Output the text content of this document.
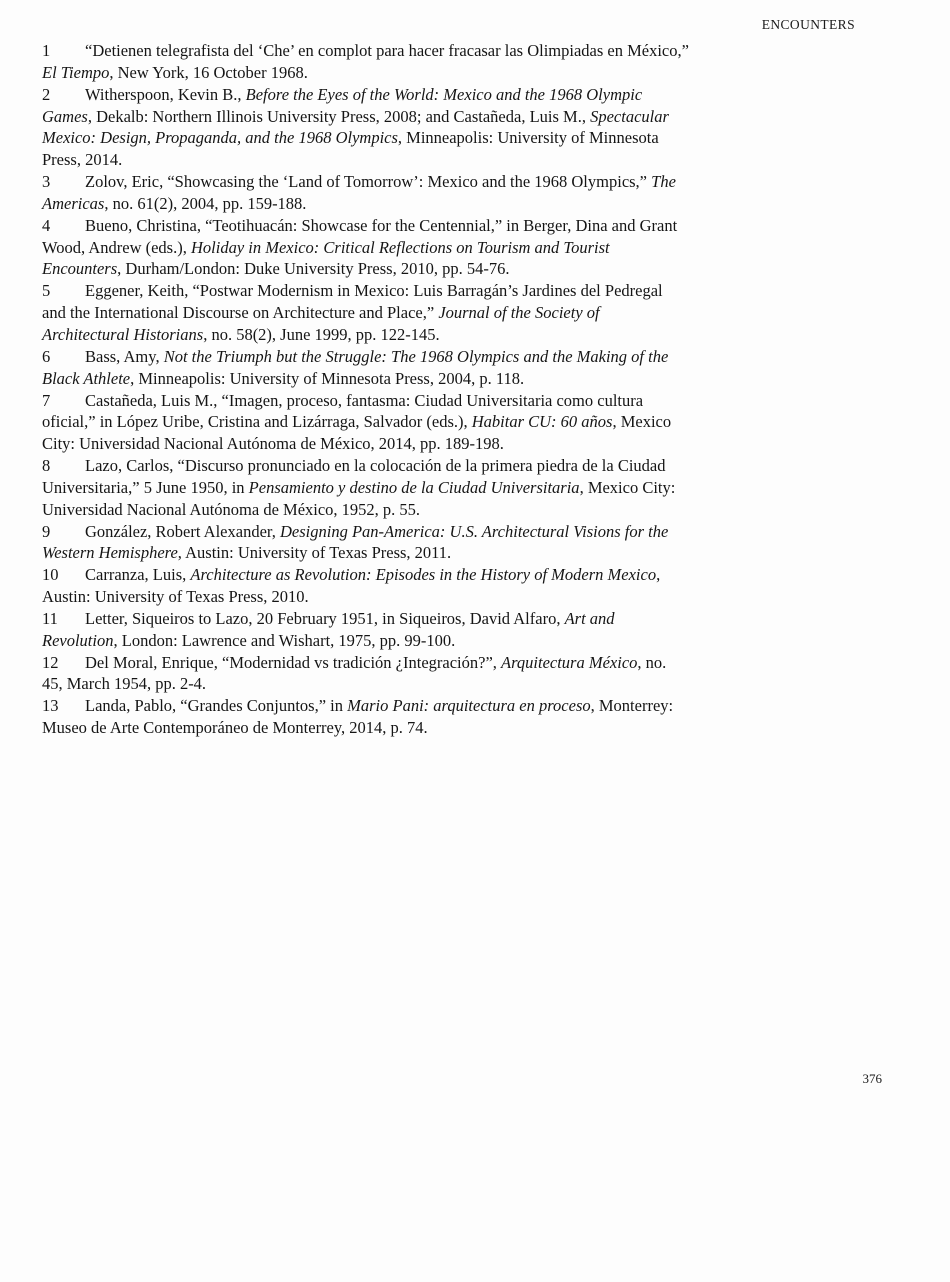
ENCOUNTERS

1 “Detienen telegrafista del ‘Che’ en complot para hacer fracasar las Olimpiadas en México,” El Tiempo, New York, 16 October 1968.

2 Witherspoon, Kevin B., Before the Eyes of the World: Mexico and the 1968 Olympic Games, Dekalb: Northern Illinois University Press, 2008; and Castañeda, Luis M., Spectacular Mexico: Design, Propaganda, and the 1968 Olympics, Minneapolis: University of Minnesota Press, 2014.

3 Zolov, Eric, “Showcasing the ‘Land of Tomorrow’: Mexico and the 1968 Olympics,” The Americas, no. 61(2), 2004, pp. 159-188.

4 Bueno, Christina, “Teotihuacán: Showcase for the Centennial,” in Berger, Dina and Grant Wood, Andrew (eds.), Holiday in Mexico: Critical Reflections on Tourism and Tourist Encounters, Durham/London: Duke University Press, 2010, pp. 54-76.

5 Eggener, Keith, “Postwar Modernism in Mexico: Luis Barragán’s Jardines del Pedregal and the International Discourse on Architecture and Place,” Journal of the Society of Architectural Historians, no. 58(2), June 1999, pp. 122-145.

6 Bass, Amy, Not the Triumph but the Struggle: The 1968 Olympics and the Making of the Black Athlete, Minneapolis: University of Minnesota Press, 2004, p. 118.

7 Castañeda, Luis M., “Imagen, proceso, fantasma: Ciudad Universitaria como cultura oficial,” in López Uribe, Cristina and Lizárraga, Salvador (eds.), Habitar CU: 60 años, Mexico City: Universidad Nacional Autónoma de México, 2014, pp. 189-198.

8 Lazo, Carlos, “Discurso pronunciado en la colocación de la primera piedra de la Ciudad Universitaria,” 5 June 1950, in Pensamiento y destino de la Ciudad Universitaria, Mexico City: Universidad Nacional Autónoma de México, 1952, p. 55.

9 González, Robert Alexander, Designing Pan-America: U.S. Architectural Visions for the Western Hemisphere, Austin: University of Texas Press, 2011.

10 Carranza, Luis, Architecture as Revolution: Episodes in the History of Modern Mexico, Austin: University of Texas Press, 2010.

11 Letter, Siqueiros to Lazo, 20 February 1951, in Siqueiros, David Alfaro, Art and Revolution, London: Lawrence and Wishart, 1975, pp. 99-100.

12 Del Moral, Enrique, “Modernidad vs tradición ¿Integración?”, Arquitectura México, no. 45, March 1954, pp. 2-4.

13 Landa, Pablo, “Grandes Conjuntos,” in Mario Pani: arquitectura en proceso, Monterrey: Museo de Arte Contemporáneo de Monterrey, 2014, p. 74.

376
